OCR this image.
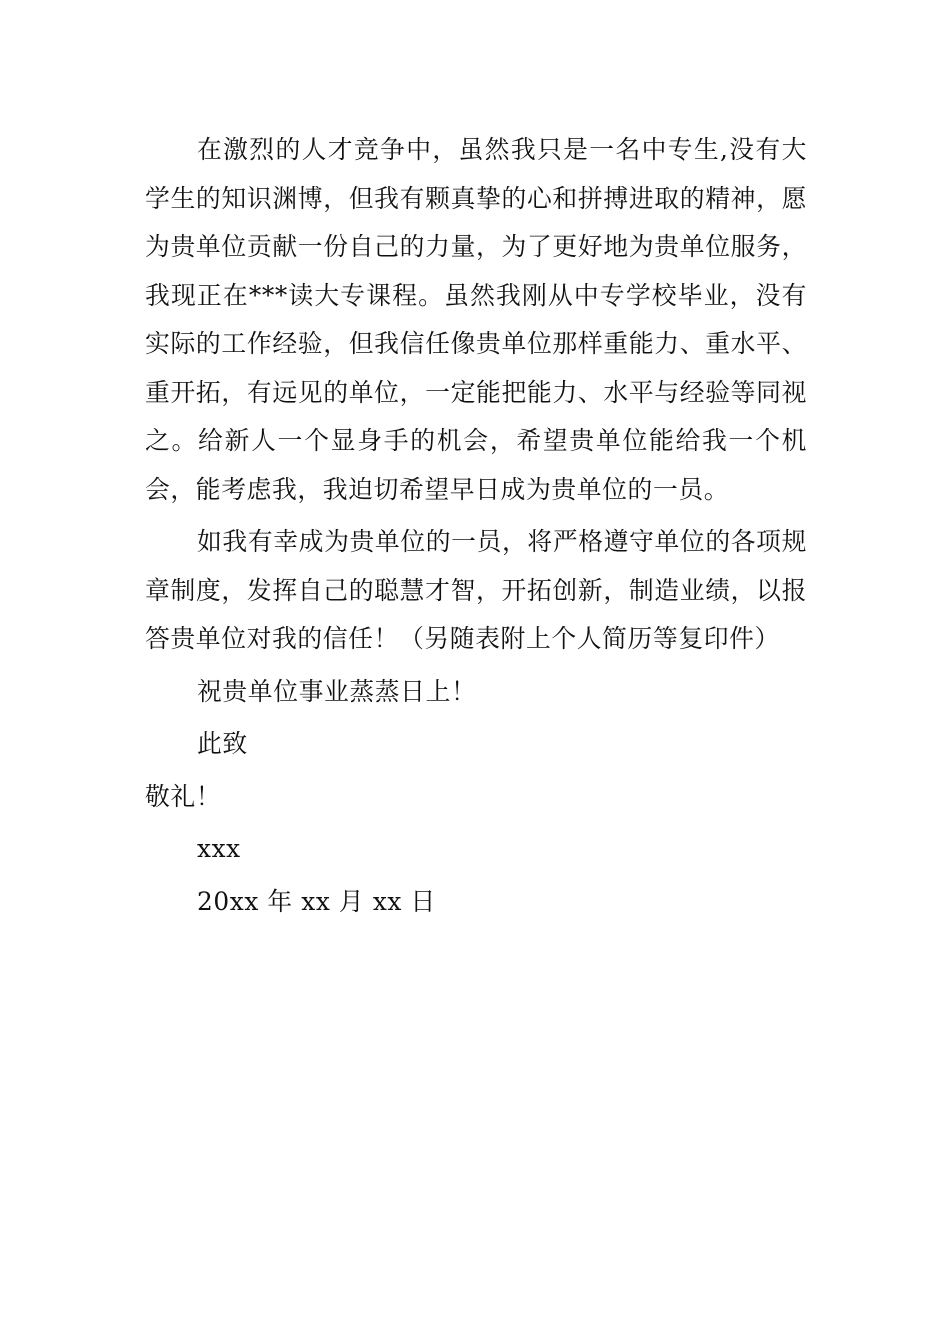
在激烈的人才竞争中，虽然我只是一名中专生,没有大学生的知识渊博，但我有颗真挚的心和拼搏进取的精神，愿为贵单位贡献一份自己的力量，为了更好地为贵单位服务，我现正在***读大专课程。虽然我刚从中专学校毕业，没有实际的工作经验，但我信任像贵单位那样重能力、重水平、重开拓，有远见的单位，一定能把能力、水平与经验等同视之。给新人一个显身手的机会，希望贵单位能给我一个机会，能考虑我，我迫切希望早日成为贵单位的一员。

如我有幸成为贵单位的一员，将严格遵守单位的各项规章制度，发挥自己的聪慧才智，开拓创新，制造业绩，以报答贵单位对我的信任！（另随表附上个人简历等复印件）

祝贵单位事业蒸蒸日上！

此致

敬礼！

xxx

20xx 年 xx 月 xx 日
